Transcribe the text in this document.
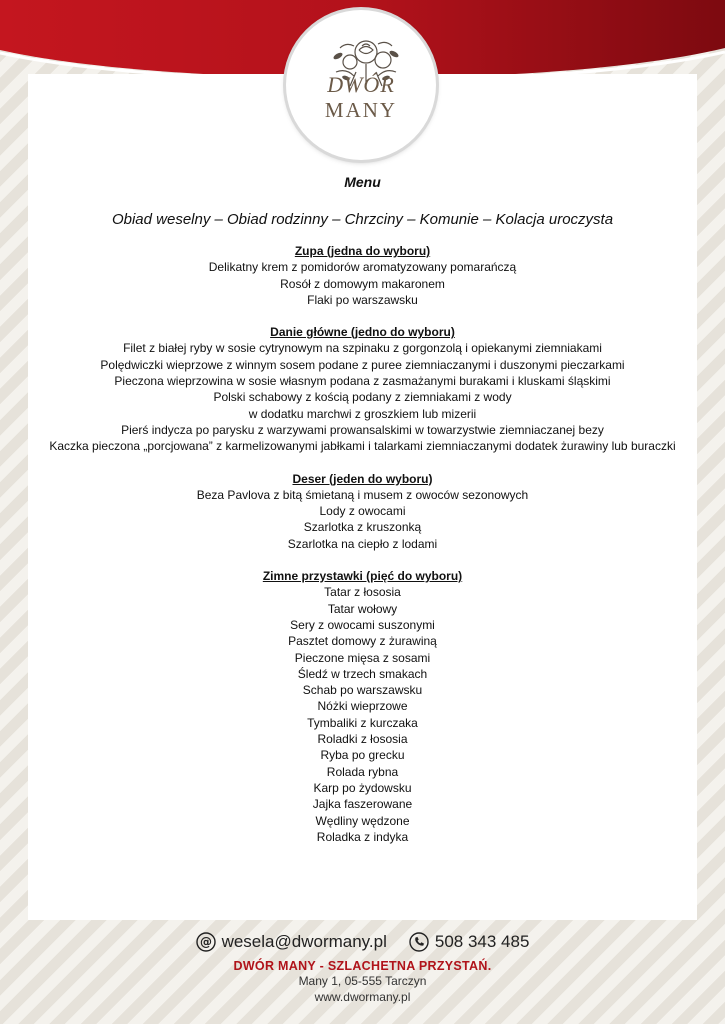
DWÓR
MANY
Menu
Obiad weselny – Obiad rodzinny – Chrzciny – Komunie – Kolacja uroczysta
Zupa (jedna do wyboru)
Delikatny krem z pomidorów aromatyzowany pomarańczą
Rosół z domowym makaronem
Flaki po warszawsku
Danie główne (jedno do wyboru)
Filet z białej ryby w sosie cytrynowym na szpinaku z gorgonzolą i opiekanymi ziemniakami
Polędwiczki wieprzowe z winnym sosem podane z puree ziemniaczanymi i duszonymi pieczarkami
Pieczona wieprzowina w sosie własnym podana z zasmażanymi burakami i kluskami śląskimi
Polski schabowy z kością podany z ziemniakami z wody
w dodatku marchwi z groszkiem lub mizerii
Pierś indycza po parysku z warzywami prowansalskimi w towarzystwie ziemniaczanej bezy
Kaczka pieczona „porcjowana” z karmelizowanymi jabłkami i talarkami ziemniaczanymi dodatek żurawiny lub buraczki
Deser (jeden do wyboru)
Beza Pavlova z bitą śmietaną i musem z owoców sezonowych
Lody z owocami
Szarlotka z kruszonką
Szarlotka na ciepło z lodami
Zimne przystawki (pięć do wyboru)
Tatar z łososia
Tatar wołowy
Sery z owocami suszonymi
Pasztet domowy z żurawiną
Pieczone mięsa z sosami
Śledź w trzech smakach
Schab po warszawsku
Nóżki wieprzowe
Tymbaliki z kurczaka
Roladki z łososia
Ryba po grecku
Rolada rybna
Karp po żydowsku
Jajka faszerowane
Wędliny wędzone
Roladka z indyka
@ wesela@dwormany.pl	508 343 485
DWÓR MANY - SZLACHETNA PRZYSTAŃ.
Many 1, 05-555 Tarczyn
www.dwormany.pl
